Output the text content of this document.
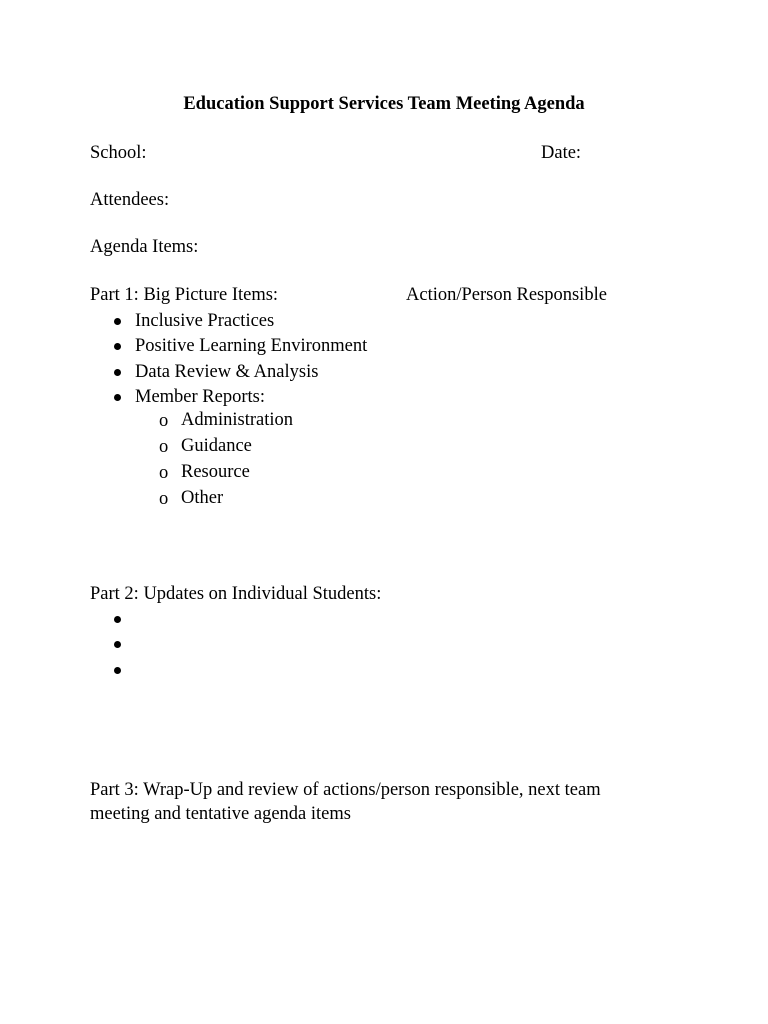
Education Support Services Team Meeting Agenda
School:	Date:
Attendees:
Agenda Items:
Part 1: Big Picture Items:	Action/Person Responsible
Inclusive Practices
Positive Learning Environment
Data Review & Analysis
Member Reports:
o Administration
o Guidance
o Resource
o Other
Part 2: Updates on Individual Students:
Part 3: Wrap-Up and review of actions/person responsible, next team
meeting and tentative agenda items
